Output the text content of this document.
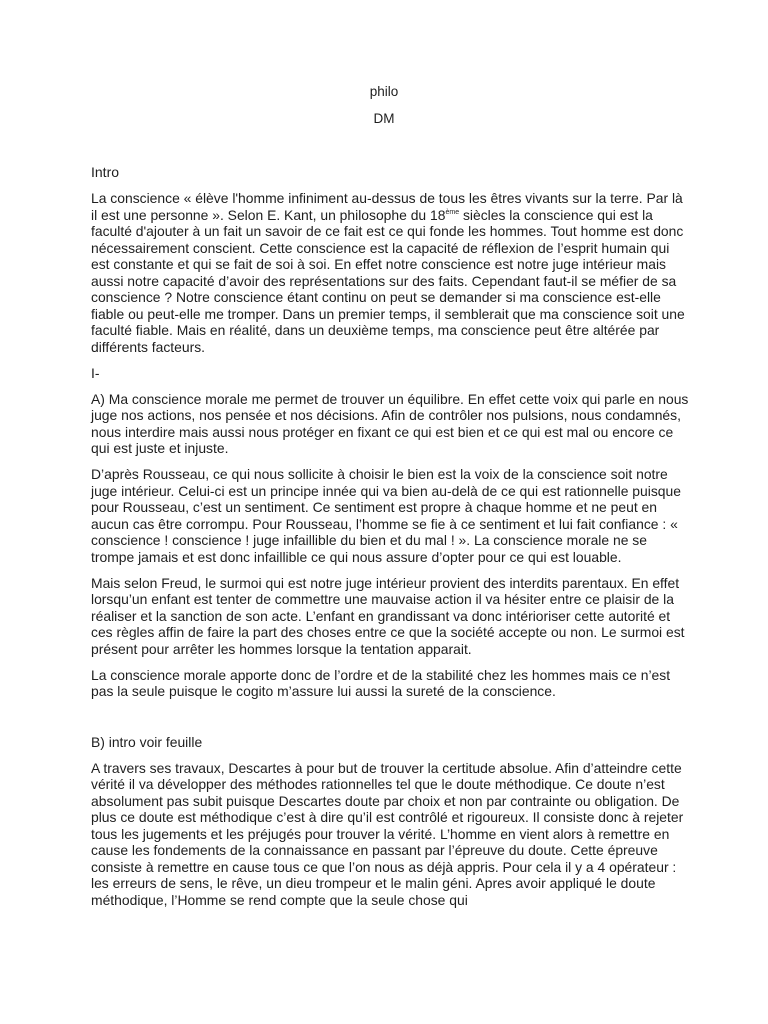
philo
DM

Intro

La conscience « élève l'homme infiniment au-dessus de tous les êtres vivants sur la terre. Par là il est une personne ». Selon E. Kant, un philosophe du 18ème siècles la conscience qui est la faculté d'ajouter à un fait un savoir de ce fait est ce qui fonde les hommes. Tout homme est donc nécessairement conscient. Cette conscience est la capacité de réflexion de l’esprit humain qui est constante et qui se fait de soi à soi. En effet notre conscience est notre juge intérieur mais aussi notre capacité d’avoir des représentations sur des faits. Cependant faut-il se méfier de sa conscience ? Notre conscience étant continu on peut se demander si ma conscience est-elle fiable ou peut-elle me tromper. Dans un premier temps, il semblerait que ma conscience soit une faculté fiable. Mais en réalité, dans un deuxième temps, ma conscience peut être altérée par différents facteurs.

I-

A) Ma conscience morale me permet de trouver un équilibre. En effet cette voix qui parle en nous juge nos actions, nos pensée et nos décisions. Afin de contrôler nos pulsions, nous condamnés, nous interdire mais aussi nous protéger en fixant ce qui est bien et ce qui est mal ou encore ce qui est juste et injuste.

D’après Rousseau, ce qui nous sollicite à choisir le bien est la voix de la conscience soit notre juge intérieur. Celui-ci est un principe innée qui va bien au-delà de ce qui est rationnelle puisque pour Rousseau, c’est un sentiment. Ce sentiment est propre à chaque homme et ne peut en aucun cas être corrompu. Pour Rousseau, l’homme se fie à ce sentiment et lui fait confiance : « conscience ! conscience ! juge infaillible du bien et du mal ! ». La conscience morale ne se trompe jamais et est donc infaillible ce qui nous assure d’opter pour ce qui est louable.

Mais selon Freud, le surmoi qui est notre juge intérieur provient des interdits parentaux. En effet lorsqu’un enfant est tenter de commettre une mauvaise action il va hésiter entre ce plaisir de la réaliser et la sanction de son acte. L’enfant en grandissant va donc intérioriser cette autorité et ces règles affin de faire la part des choses entre ce que la société accepte ou non. Le surmoi est présent pour arrêter les hommes lorsque la tentation apparait.

La conscience morale apporte donc de l’ordre et de la stabilité chez les hommes mais ce n’est pas la seule puisque le cogito m’assure lui aussi la sureté de la conscience.

B) intro voir feuille

A travers ses travaux, Descartes à pour but de trouver la certitude absolue. Afin d’atteindre cette vérité il va développer des méthodes rationnelles tel que le doute méthodique. Ce doute n’est absolument pas subit puisque Descartes doute par choix et non par contrainte ou obligation. De plus ce doute est méthodique c’est à dire qu’il est contrôlé et rigoureux. Il consiste donc à rejeter tous les jugements et les préjugés pour trouver la vérité. L’homme en vient alors à remettre en cause les fondements de la connaissance en passant par l’épreuve du doute. Cette épreuve consiste à remettre en cause tous ce que l’on nous as déjà appris. Pour cela il y a 4 opérateur : les erreurs de sens, le rêve, un dieu trompeur et le malin géni. Apres avoir appliqué le doute méthodique, l’Homme se rend compte que la seule chose qui
